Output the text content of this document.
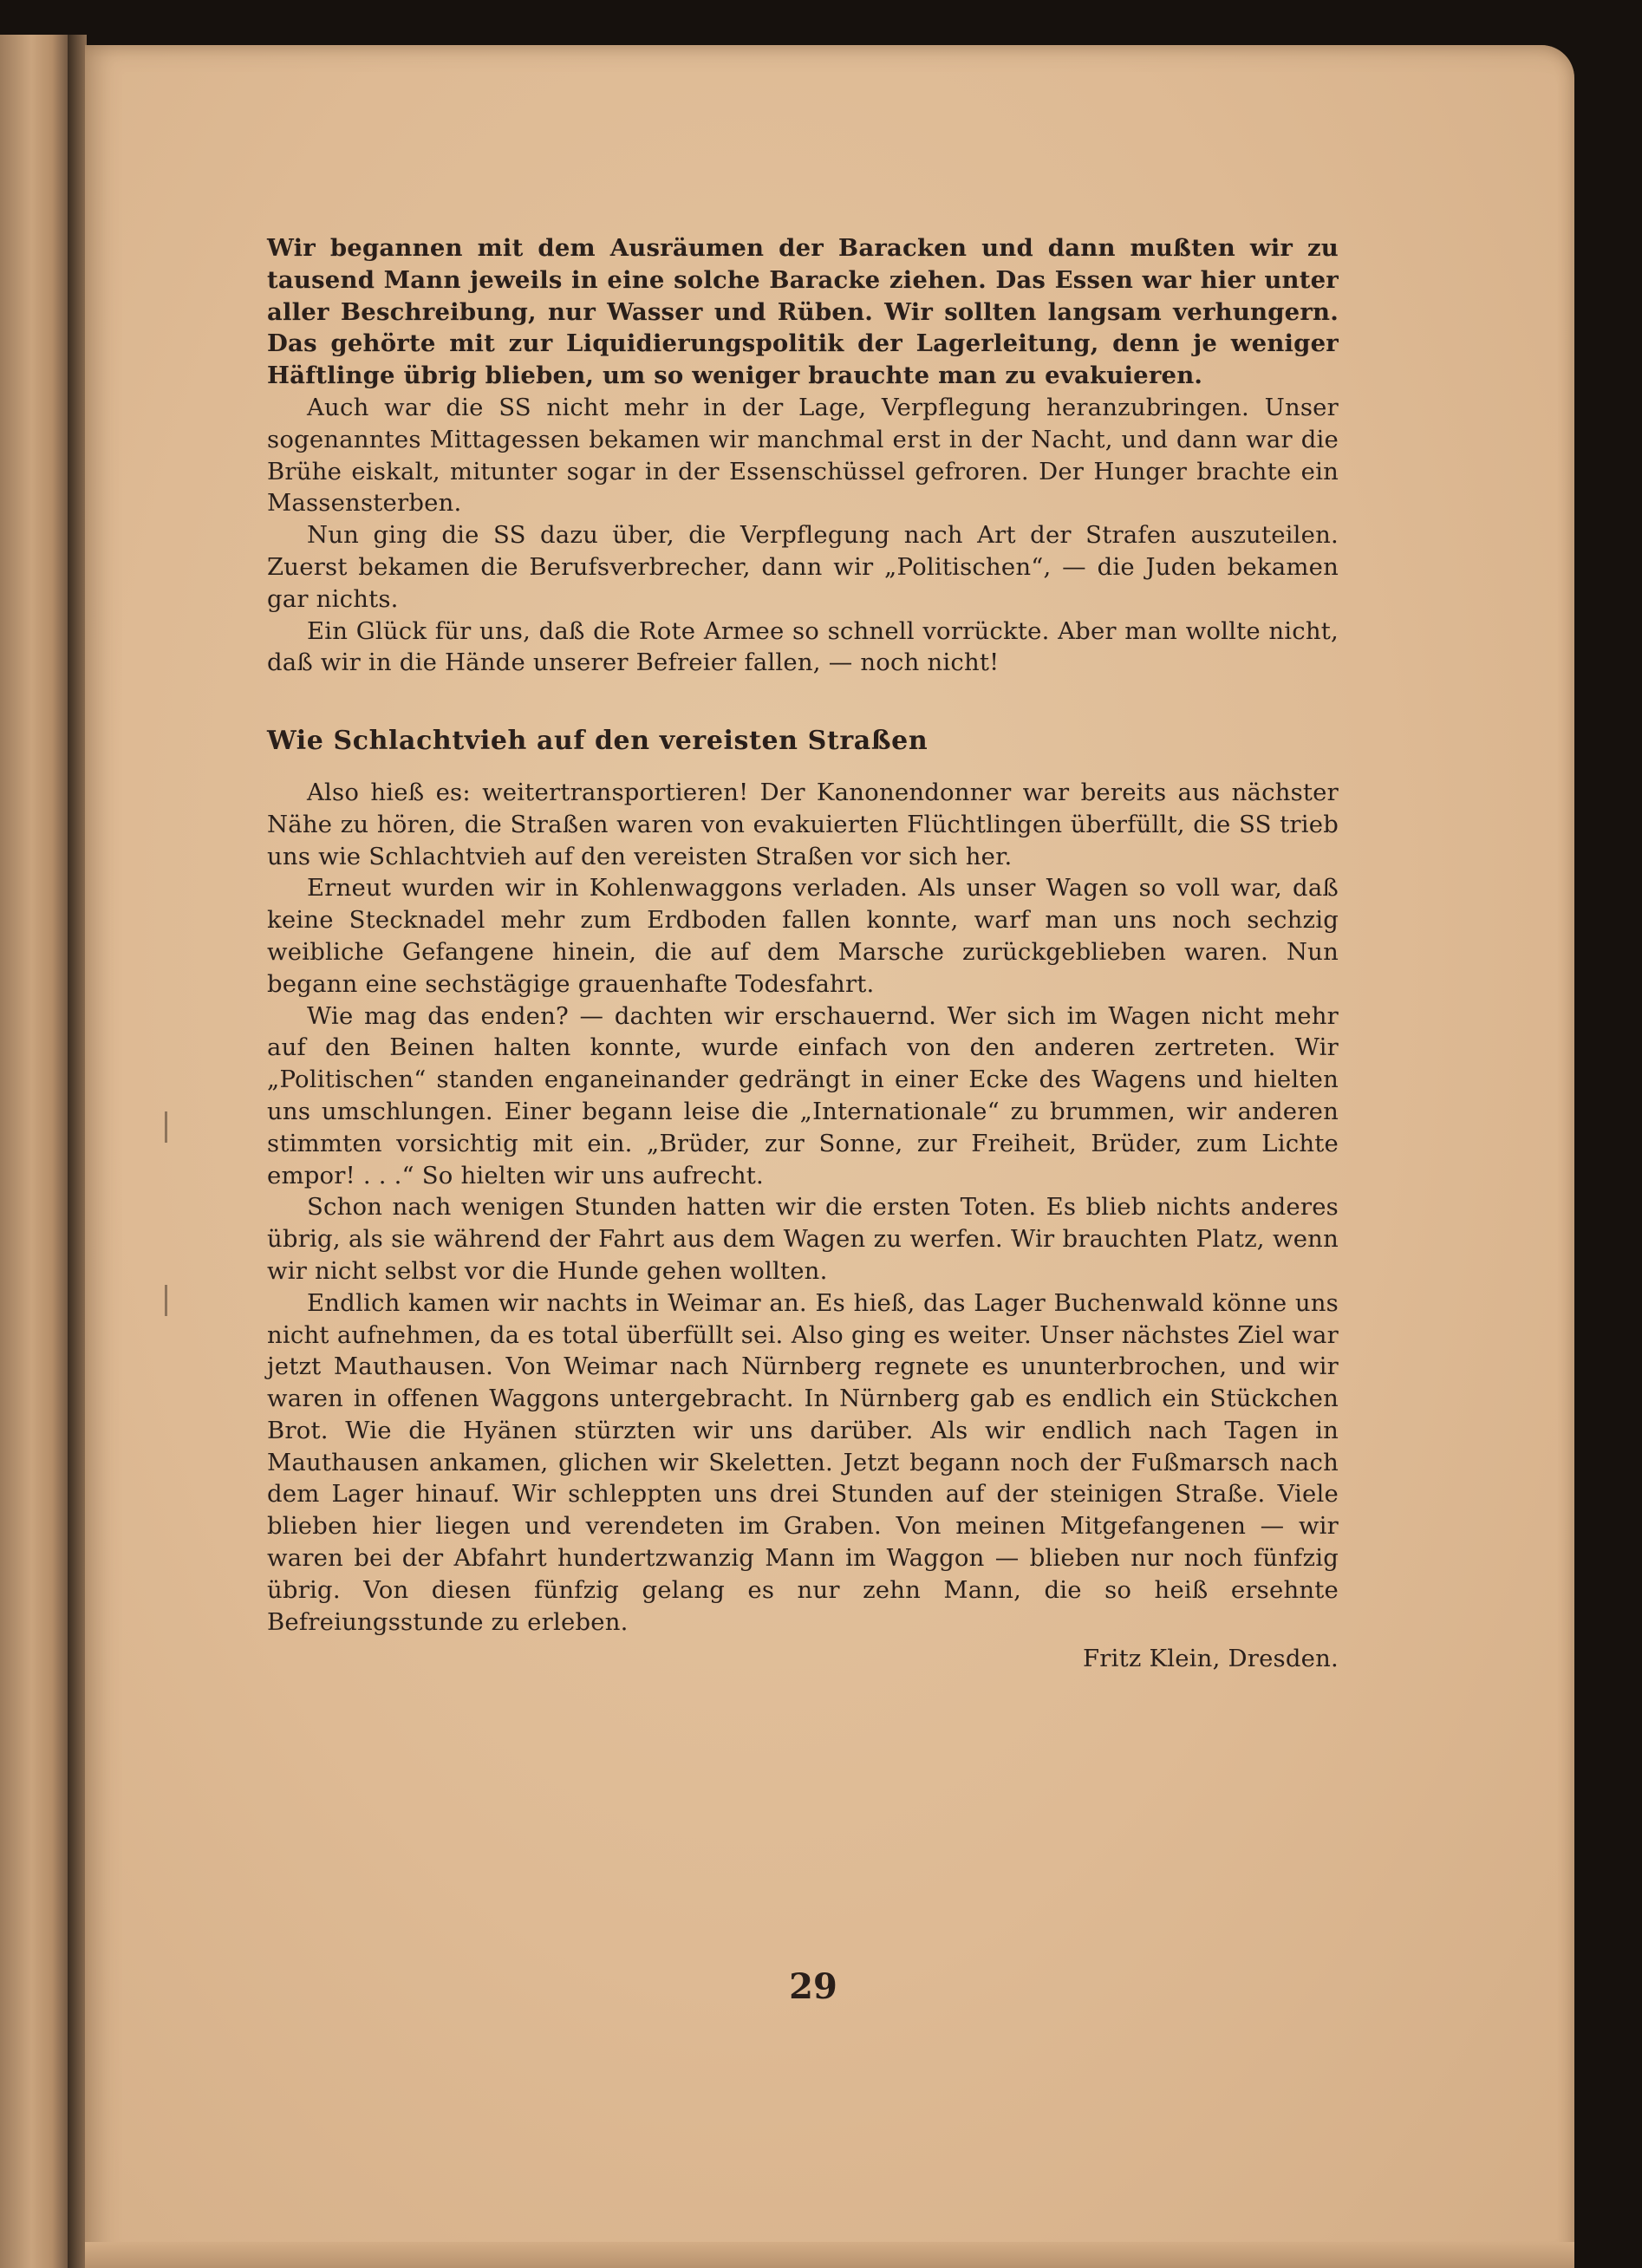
Wir begannen mit dem Ausräumen der Baracken und dann mußten wir zu tausend Mann jeweils in eine solche Baracke ziehen. Das Essen war hier unter aller Beschreibung, nur Wasser und Rüben. Wir sollten langsam verhungern. Das gehörte mit zur Liquidierungspolitik der Lagerleitung, denn je weniger Häftlinge übrig blieben, um so weniger brauchte man zu evakuieren.

Auch war die SS nicht mehr in der Lage, Verpflegung heranzubringen. Unser sogenanntes Mittagessen bekamen wir manchmal erst in der Nacht, und dann war die Brühe eiskalt, mitunter sogar in der Essenschüssel gefroren. Der Hunger brachte ein Massensterben.

Nun ging die SS dazu über, die Verpflegung nach Art der Strafen auszuteilen. Zuerst bekamen die Berufsverbrecher, dann wir „Politischen“, — die Juden bekamen gar nichts.

Ein Glück für uns, daß die Rote Armee so schnell vorrückte. Aber man wollte nicht, daß wir in die Hände unserer Befreier fallen, — noch nicht!

Wie Schlachtvieh auf den vereisten Straßen

Also hieß es: weitertransportieren! Der Kanonendonner war bereits aus nächster Nähe zu hören, die Straßen waren von evakuierten Flüchtlingen überfüllt, die SS trieb uns wie Schlachtvieh auf den vereisten Straßen vor sich her.

Erneut wurden wir in Kohlenwaggons verladen. Als unser Wagen so voll war, daß keine Stecknadel mehr zum Erdboden fallen konnte, warf man uns noch sechzig weibliche Gefangene hinein, die auf dem Marsche zurückgeblieben waren. Nun begann eine sechstägige grauenhafte Todesfahrt.

Wie mag das enden? — dachten wir erschauernd. Wer sich im Wagen nicht mehr auf den Beinen halten konnte, wurde einfach von den anderen zertreten. Wir „Politischen“ standen enganeinander gedrängt in einer Ecke des Wagens und hielten uns umschlungen. Einer begann leise die „Internationale“ zu brummen, wir anderen stimmten vorsichtig mit ein. „Brüder, zur Sonne, zur Freiheit, Brüder, zum Lichte empor! . . .“ So hielten wir uns aufrecht.

Schon nach wenigen Stunden hatten wir die ersten Toten. Es blieb nichts anderes übrig, als sie während der Fahrt aus dem Wagen zu werfen. Wir brauchten Platz, wenn wir nicht selbst vor die Hunde gehen wollten.

Endlich kamen wir nachts in Weimar an. Es hieß, das Lager Buchenwald könne uns nicht aufnehmen, da es total überfüllt sei. Also ging es weiter. Unser nächstes Ziel war jetzt Mauthausen. Von Weimar nach Nürnberg regnete es ununterbrochen, und wir waren in offenen Waggons untergebracht. In Nürnberg gab es endlich ein Stückchen Brot. Wie die Hyänen stürzten wir uns darüber. Als wir endlich nach Tagen in Mauthausen ankamen, glichen wir Skeletten. Jetzt begann noch der Fußmarsch nach dem Lager hinauf. Wir schleppten uns drei Stunden auf der steinigen Straße. Viele blieben hier liegen und verendeten im Graben. Von meinen Mitgefangenen — wir waren bei der Abfahrt hundertzwanzig Mann im Waggon — blieben nur noch fünfzig übrig. Von diesen fünfzig gelang es nur zehn Mann, die so heiß ersehnte Befreiungsstunde zu erleben.

Fritz Klein, Dresden.
29
